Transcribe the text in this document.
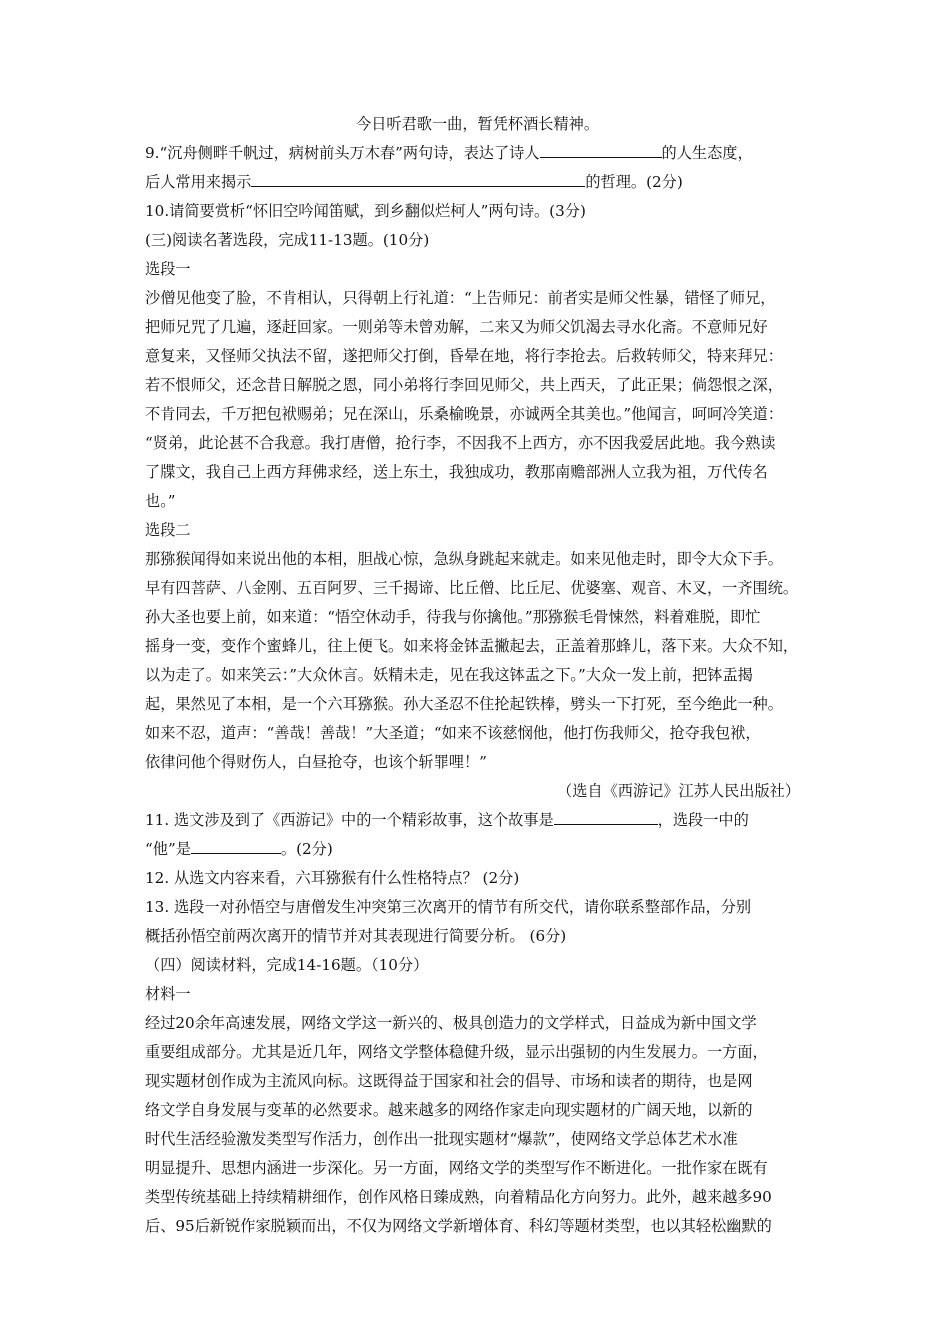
今日听君歌一曲，暂凭杯酒长精神。
9.“沉舟侧畔千帆过，病树前头万木春”两句诗，表达了诗人	的人生态度，
后人常用来揭示	的哲理。(2分)
10.请简要赏析“怀旧空吟闻笛赋，到乡翻似烂柯人”两句诗。(3分)
(三)阅读名著选段，完成11-13题。(10分)
选段一
沙僧见他变了脸，不肯相认，只得朝上行礼道：“上告师兄：前者实是师父性暴，错怪了师兄，
把师兄咒了几遍，逐赶回家。一则弟等未曾劝解，二来又为师父饥渴去寻水化斋。不意师兄好
意复来，又怪师父执法不留，遂把师父打倒，昏晕在地，将行李抢去。后救转师父，特来拜兄：
若不恨师父，还念昔日解脱之恩，同小弟将行李回见师父，共上西天，了此正果；倘怨恨之深，
不肯同去，千万把包袱赐弟；兄在深山，乐桑榆晚景，亦诚两全其美也。”他闻言，呵呵冷笑道：
“贤弟，此论甚不合我意。我打唐僧，抢行李，不因我不上西方，亦不因我爱居此地。我今熟读
了牒文，我自己上西方拜佛求经，送上东土，我独成功，教那南赡部洲人立我为祖，万代传名
也。”
选段二
那猕猴闻得如来说出他的本相，胆战心惊，急纵身跳起来就走。如来见他走时，即令大众下手。
早有四菩萨、八金刚、五百阿罗、三千揭谛、比丘僧、比丘尼、优婆塞、观音、木叉，一齐围统。
孙大圣也要上前，如来道：“悟空休动手，待我与你擒他。”那猕猴毛骨悚然，料着难脱，即忙
摇身一变，变作个蜜蜂儿，往上便飞。如来将金钵盂撇起去，正盖着那蜂儿，落下来。大众不知，
以为走了。如来笑云：”大众休言。妖精未走，见在我这钵盂之下。”大众一发上前，把钵盂揭
起，果然见了本相，是一个六耳猕猴。孙大圣忍不住抡起铁棒，劈头一下打死，至今绝此一种。
如来不忍，道声：“善哉！善哉！”大圣道；“如来不该慈悯他，他打伤我师父，抢夺我包袱，
依律问他个得财伤人，白昼抢夺，也该个斩罪哩！”
（选自《西游记》江苏人民出版社）
11. 选文涉及到了《西游记》中的一个精彩故事，这个故事是	，选段一中的
“他”是	。(2分)
12. 从选文内容来看，六耳猕猴有什么性格特点？ (2分)
13. 选段一对孙悟空与唐僧发生冲突第三次离开的情节有所交代，请你联系整部作品，分别
概括孙悟空前两次离开的情节并对其表现进行简要分析。 (6分)
（四）阅读材料，完成14-16题。（10分）
材料一
经过20余年高速发展，网络文学这一新兴的、极具创造力的文学样式，日益成为新中国文学
重要组成部分。尤其是近几年，网络文学整体稳健升级，显示出强韧的内生发展力。一方面，
现实题材创作成为主流风向标。这既得益于国家和社会的倡导、市场和读者的期待，也是网
络文学自身发展与变革的必然要求。越来越多的网络作家走向现实题材的广阔天地，以新的
时代生活经验激发类型写作活力，创作出一批现实题材“爆款”，使网络文学总体艺术水准
明显提升、思想内涵进一步深化。另一方面，网络文学的类型写作不断进化。一批作家在既有
类型传统基础上持续精耕细作，创作风格日臻成熟，向着精品化方向努力。此外，越来越多90
后、95后新锐作家脱颖而出，不仅为网络文学新增体育、科幻等题材类型，也以其轻松幽默的
